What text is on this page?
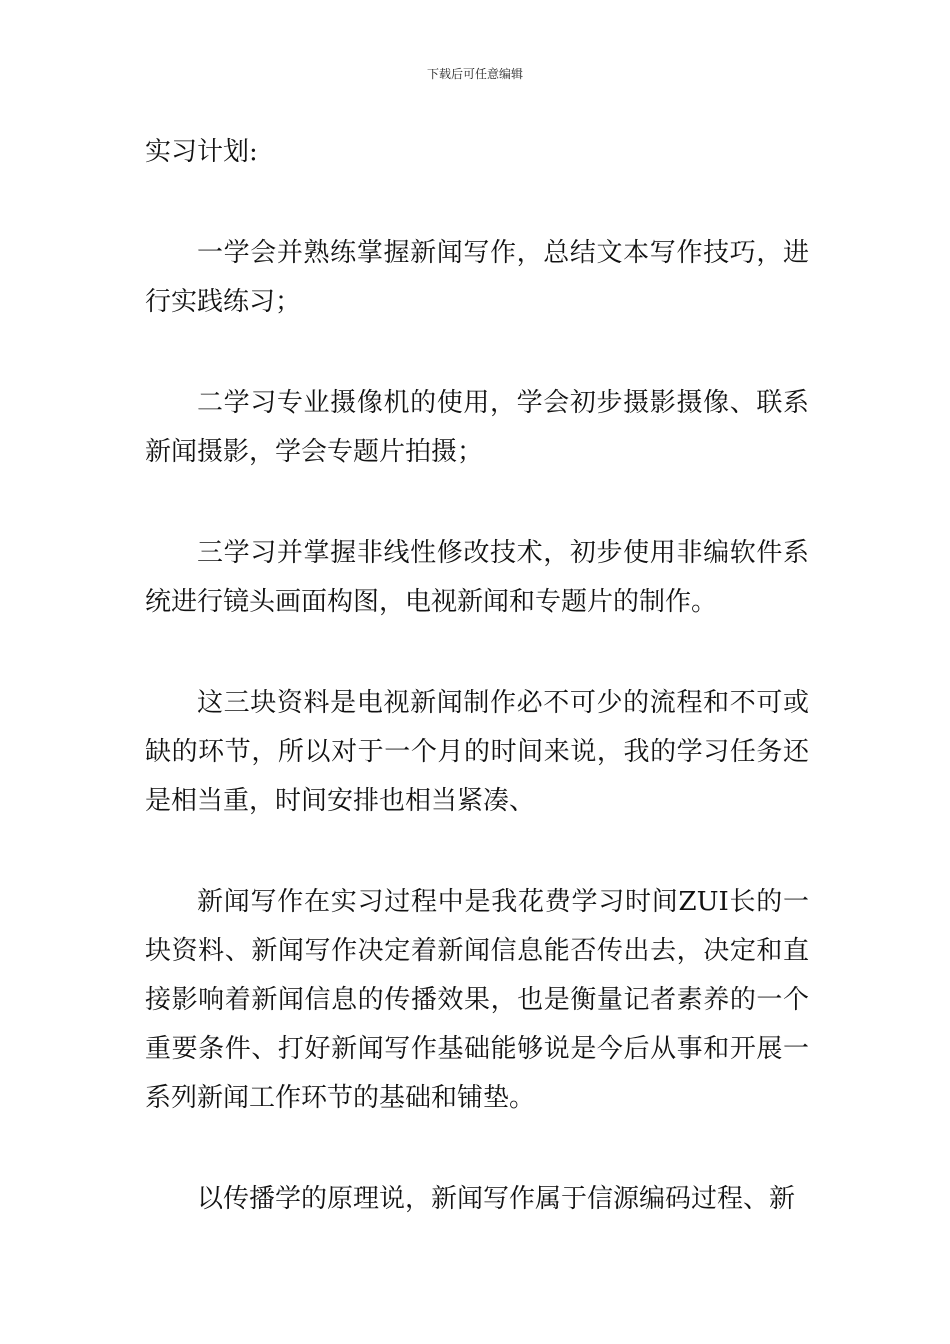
下载后可任意编辑

实习计划:

一学会并熟练掌握新闻写作，总结文本写作技巧，进行实践练习；

二学习专业摄像机的使用，学会初步摄影摄像、联系新闻摄影，学会专题片拍摄；

三学习并掌握非线性修改技术，初步使用非编软件系统进行镜头画面构图，电视新闻和专题片的制作。

这三块资料是电视新闻制作必不可少的流程和不可或缺的环节，所以对于一个月的时间来说，我的学习任务还是相当重，时间安排也相当紧凑、

新闻写作在实习过程中是我花费学习时间ZUI长的一块资料、新闻写作决定着新闻信息能否传出去，决定和直接影响着新闻信息的传播效果，也是衡量记者素养的一个重要条件、打好新闻写作基础能够说是今后从事和开展一系列新闻工作环节的基础和铺垫。

以传播学的原理说，新闻写作属于信源编码过程、新
